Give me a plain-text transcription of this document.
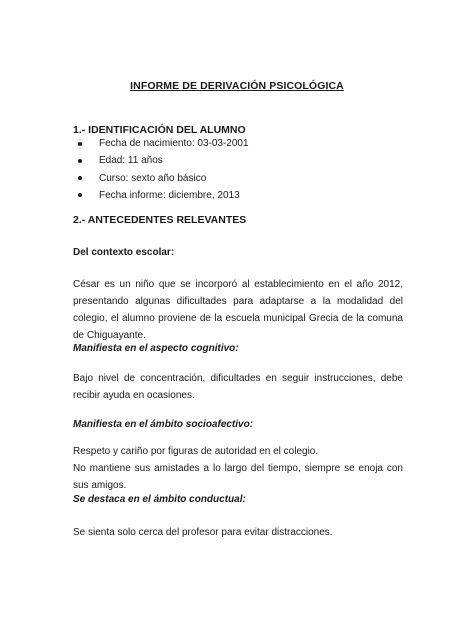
INFORME DE DERIVACIÓN PSICOLÓGICA
1.- IDENTIFICACIÓN DEL ALUMNO
Fecha de nacimiento: 03-03-2001
Edad: 11 años
Curso: sexto año básico
Fecha informe: diciembre, 2013
2.- ANTECEDENTES RELEVANTES
Del contexto escolar:

César es un niño que se incorporó al establecimiento en el año 2012, presentando algunas dificultades para adaptarse a la modalidad del colegio, el alumno proviene de la escuela municipal Grecia de la comuna de Chiguayante.

Manifiesta en el aspecto cognitivo:

Bajo nivel de concentración, dificultades en seguir instrucciones, debe recibir ayuda en ocasiones.

Manifiesta en el ámbito socioafectivo:
Respeto y cariño por figuras de autoridad en el colegio.

No mantiene sus amistades a lo largo del tiempo, siempre se enoja con sus amigos.

Se destaca en el ámbito conductual:
Se sienta solo cerca del profesor para evitar distracciones.
